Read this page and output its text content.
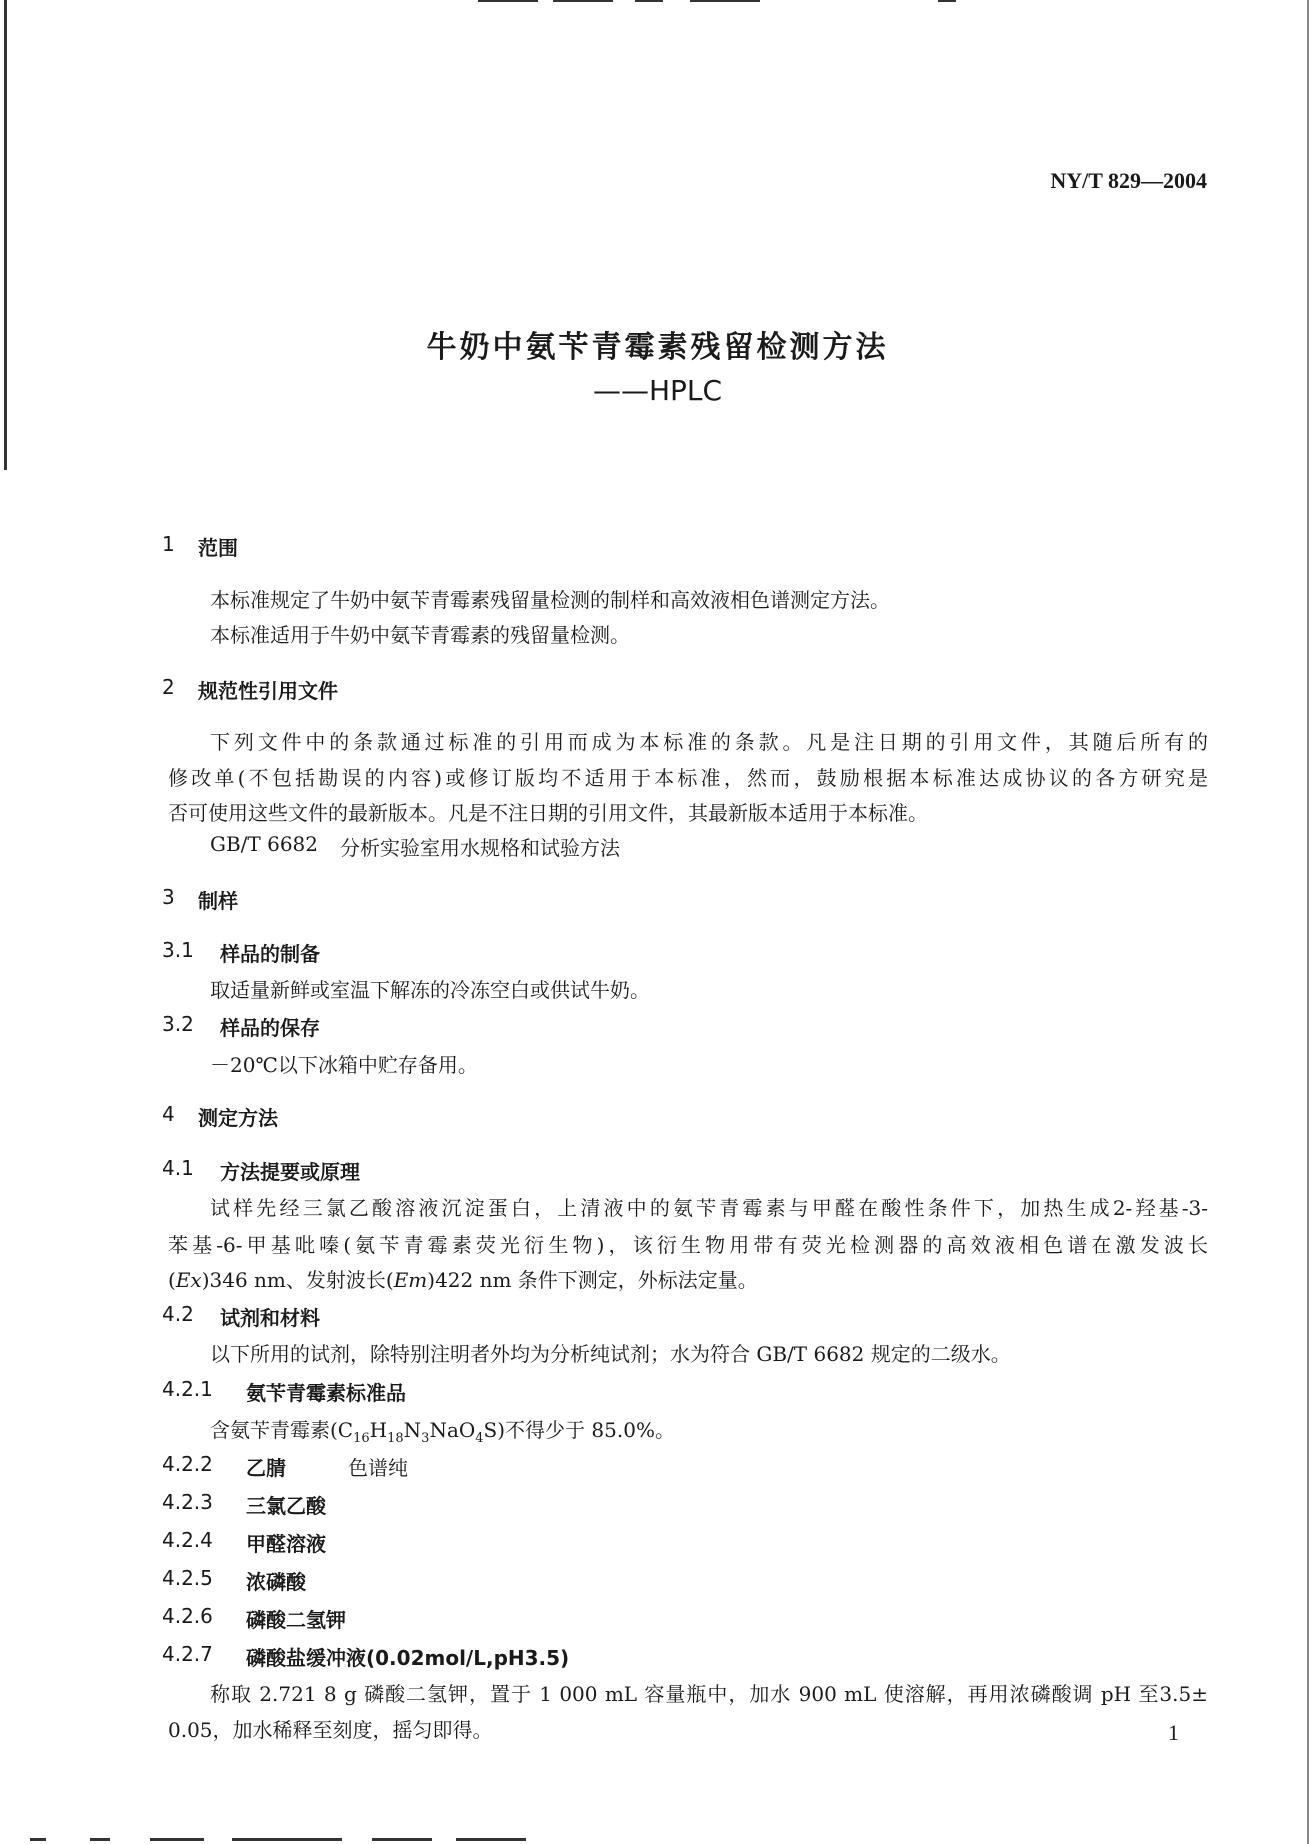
NY/T 829—2004
牛奶中氨苄青霉素残留检测方法
——HPLC
1 范围
本标准规定了牛奶中氨苄青霉素残留量检测的制样和高效液相色谱测定方法。
本标准适用于牛奶中氨苄青霉素的残留量检测。
2 规范性引用文件
下列文件中的条款通过标准的引用而成为本标准的条款。凡是注日期的引用文件，其随后所有的
修改单(不包括勘误的内容)或修订版均不适用于本标准，然而，鼓励根据本标准达成协议的各方研究是
否可使用这些文件的最新版本。凡是不注日期的引用文件，其最新版本适用于本标准。
GB/T 6682 分析实验室用水规格和试验方法
3 制样
3.1 样品的制备
取适量新鲜或室温下解冻的冷冻空白或供试牛奶。
3.2 样品的保存
－20℃以下冰箱中贮存备用。
4 测定方法
4.1 方法提要或原理
试样先经三氯乙酸溶液沉淀蛋白，上清液中的氨苄青霉素与甲醛在酸性条件下，加热生成2-羟基-3-
苯基-6-甲基吡嗪(氨苄青霉素荧光衍生物)，该衍生物用带有荧光检测器的高效液相色谱在激发波长
(Ex)346 nm、发射波长(Em)422 nm 条件下测定，外标法定量。
4.2 试剂和材料
以下所用的试剂，除特别注明者外均为分析纯试剂；水为符合 GB/T 6682 规定的二级水。
4.2.1 氨苄青霉素标准品
含氨苄青霉素$(C_{16}H_{18}N_3NaO_4S)$不得少于 85.0%。
4.2.2 乙腈	色谱纯
4.2.3 三氯乙酸
4.2.4 甲醛溶液
4.2.5 浓磷酸
4.2.6 磷酸二氢钾
4.2.7 磷酸盐缓冲液(0.02mol/L,pH3.5)
称取 2.721 8 g 磷酸二氢钾，置于 1 000 mL 容量瓶中，加水 900 mL 使溶解，再用浓磷酸调 pH 至3.5±
0.05，加水稀释至刻度，摇匀即得。	1
